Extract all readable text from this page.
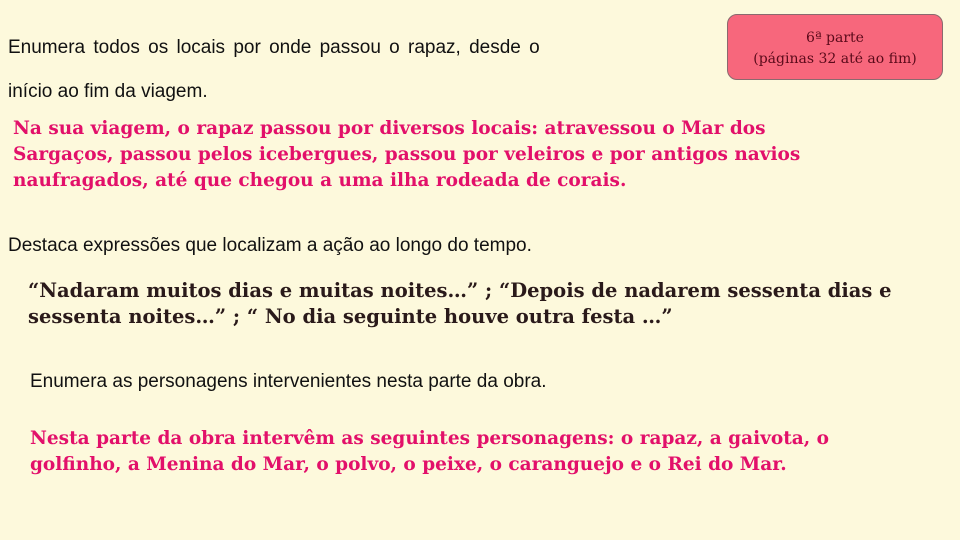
Enumera todos os locais por onde passou o rapaz, desde o
início ao fim da viagem.
6ª parte
(páginas 32 até ao fim)
Na sua viagem, o rapaz passou por diversos locais: atravessou o Mar dos
Sargaços, passou pelos icebergues, passou por veleiros e por antigos navios
naufragados, até que chegou a uma ilha rodeada de corais.
Destaca expressões que localizam a ação ao longo do tempo.
“Nadaram muitos dias e muitas noites…” ; “Depois de nadarem sessenta dias e
sessenta noites…” ; “ No dia seguinte houve outra festa …”
Enumera as personagens intervenientes nesta parte da obra.
Nesta parte da obra intervêm as seguintes personagens: o rapaz, a gaivota, o
golfinho, a Menina do Mar, o polvo, o peixe, o caranguejo e o Rei do Mar.
